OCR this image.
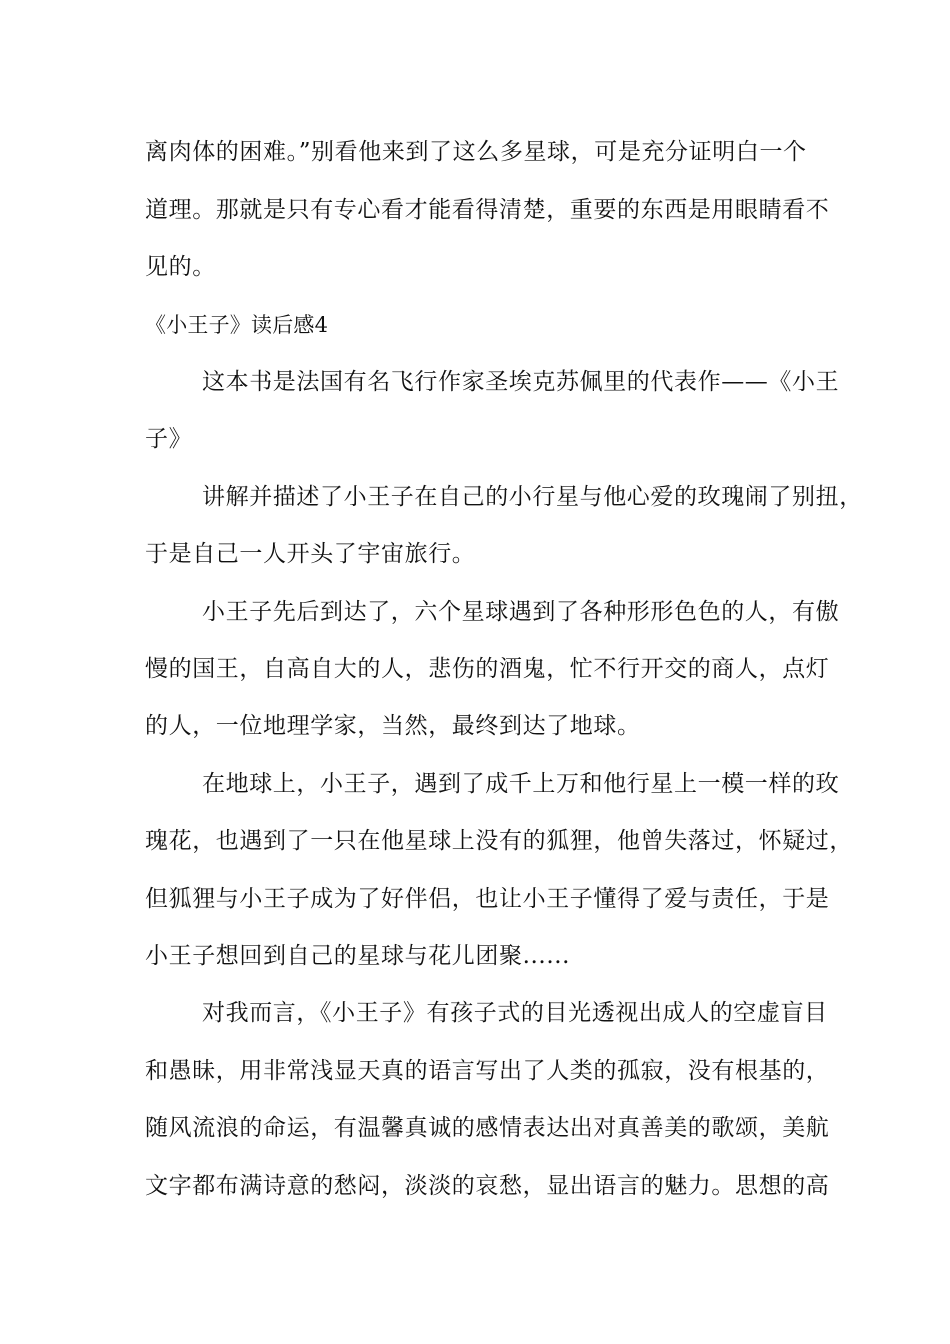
离肉体的困难。”别看他来到了这么多星球，可是充分证明白一个
道理。那就是只有专心看才能看得清楚，重要的东西是用眼睛看不
见的。
《小王子》读后感4
这本书是法国有名飞行作家圣埃克苏佩里的代表作——《小王
子》
讲解并描述了小王子在自己的小行星与他心爱的玫瑰闹了别扭，
于是自己一人开头了宇宙旅行。
小王子先后到达了，六个星球遇到了各种形形色色的人，有傲
慢的国王，自高自大的人，悲伤的酒鬼，忙不行开交的商人，点灯
的人，一位地理学家，当然，最终到达了地球。
在地球上，小王子，遇到了成千上万和他行星上一模一样的玫
瑰花，也遇到了一只在他星球上没有的狐狸，他曾失落过，怀疑过，
但狐狸与小王子成为了好伴侣，也让小王子懂得了爱与责任，于是
小王子想回到自己的星球与花儿团聚......
对我而言，《小王子》有孩子式的目光透视出成人的空虚盲目
和愚昧，用非常浅显天真的语言写出了人类的孤寂，没有根基的，
随风流浪的命运，有温馨真诚的感情表达出对真善美的歌颂，美航
文字都布满诗意的愁闷，淡淡的哀愁，显出语言的魅力。思想的高
